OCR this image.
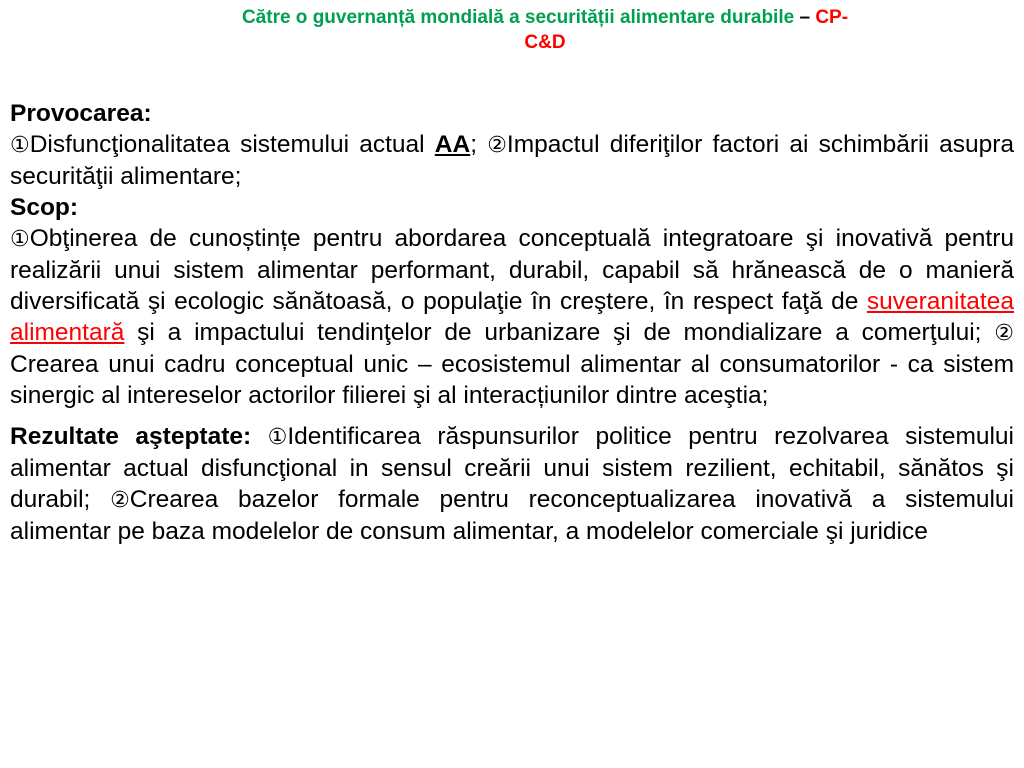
Către o guvernanță mondială a securității alimentare durabile – CP-
C&D

Provocarea:

①Disfuncţionalitatea sistemului actual AA; ②Impactul diferiţilor factori ai schimbării asupra securităţii alimentare;

Scop:

①Obţinerea de cunoștințe pentru abordarea conceptuală integratoare şi inovativă pentru realizării unui sistem alimentar performant, durabil, capabil să hrănească de o manieră diversificată şi ecologic sănătoasă, o populaţie în creştere, în respect faţă de suveranitatea alimentară şi a impactului tendinţelor de urbanizare şi de mondializare a comerţului; ②Crearea unui cadru conceptual unic – ecosistemul alimentar al consumatorilor - ca sistem sinergic al intereselor actorilor filierei şi al interacțiunilor dintre aceştia;

Rezultate aşteptate: ①Identificarea răspunsurilor politice pentru rezolvarea sistemului alimentar actual disfuncţional in sensul creării unui sistem rezilient, echitabil, sănătos şi durabil; ②Crearea bazelor formale pentru reconceptualizarea inovativă a sistemului alimentar pe baza modelelor de consum alimentar, a modelelor comerciale şi juridice
